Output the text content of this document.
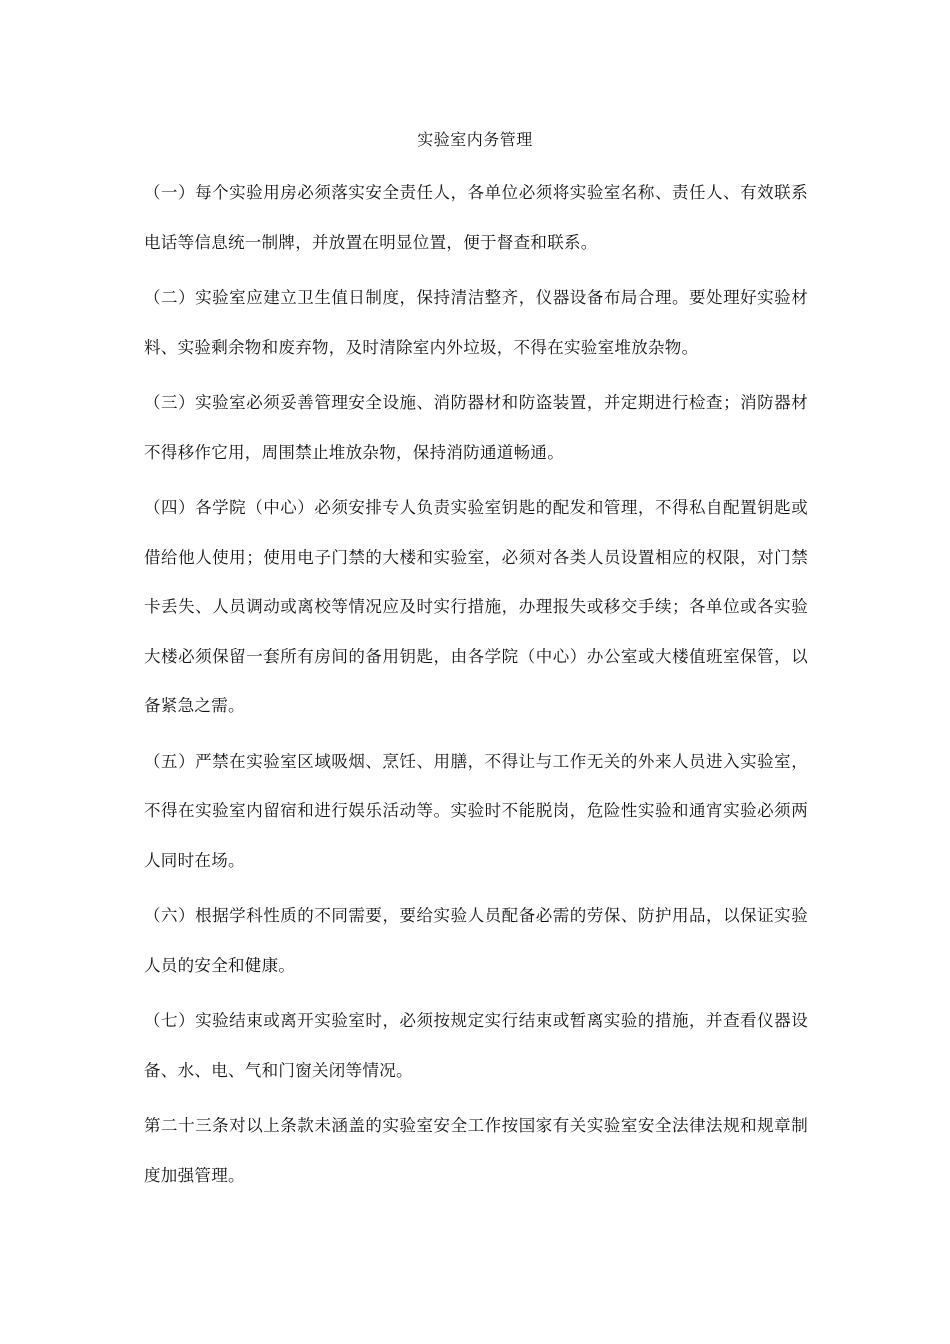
实验室内务管理

（一）每个实验用房必须落实安全责任人，各单位必须将实验室名称、责任人、有效联系电话等信息统一制牌，并放置在明显位置，便于督查和联系。

（二）实验室应建立卫生值日制度，保持清洁整齐，仪器设备布局合理。要处理好实验材料、实验剩余物和废弃物，及时清除室内外垃圾，不得在实验室堆放杂物。

（三）实验室必须妥善管理安全设施、消防器材和防盗装置，并定期进行检查；消防器材不得移作它用，周围禁止堆放杂物，保持消防通道畅通。

（四）各学院（中心）必须安排专人负责实验室钥匙的配发和管理，不得私自配置钥匙或借给他人使用；使用电子门禁的大楼和实验室，必须对各类人员设置相应的权限，对门禁卡丢失、人员调动或离校等情况应及时实行措施，办理报失或移交手续；各单位或各实验大楼必须保留一套所有房间的备用钥匙，由各学院（中心）办公室或大楼值班室保管，以备紧急之需。

（五）严禁在实验室区域吸烟、烹饪、用膳，不得让与工作无关的外来人员进入实验室，不得在实验室内留宿和进行娱乐活动等。实验时不能脱岗，危险性实验和通宵实验必须两人同时在场。

（六）根据学科性质的不同需要，要给实验人员配备必需的劳保、防护用品，以保证实验人员的安全和健康。

（七）实验结束或离开实验室时，必须按规定实行结束或暂离实验的措施，并查看仪器设备、水、电、气和门窗关闭等情况。

第二十三条对以上条款未涵盖的实验室安全工作按国家有关实验室安全法律法规和规章制度加强管理。
